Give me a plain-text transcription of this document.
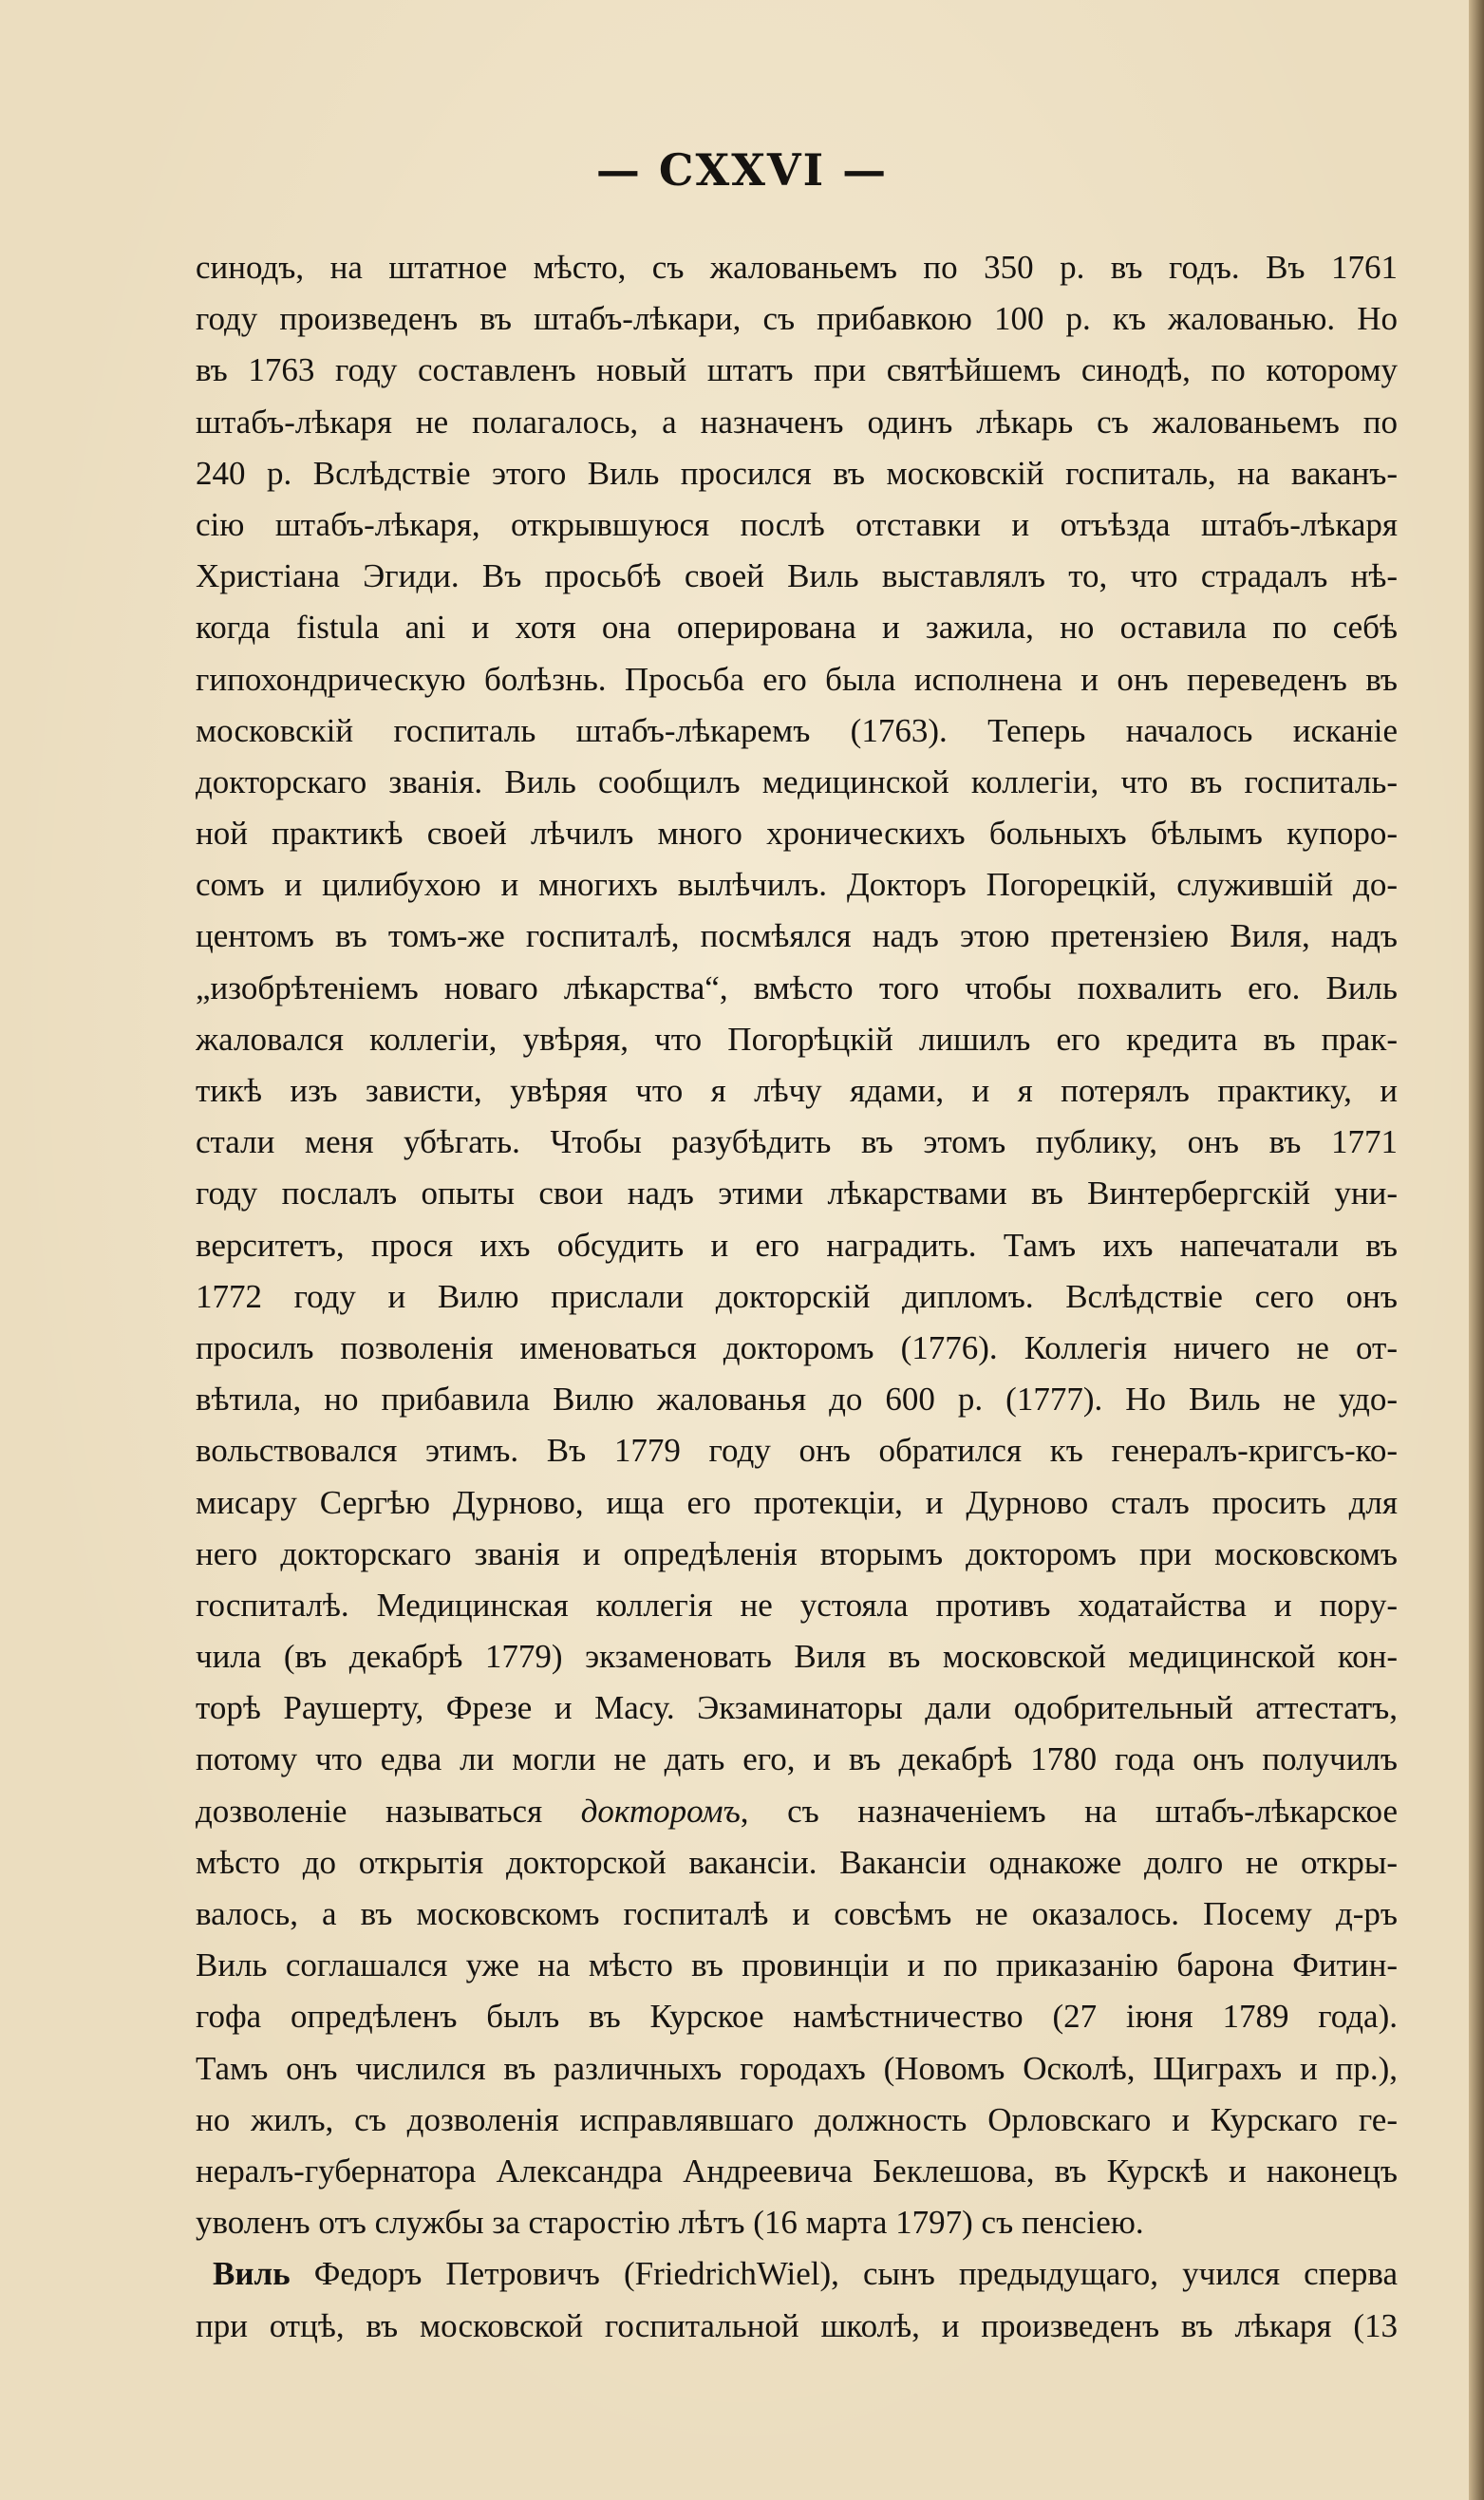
— CXXVI —
синодъ, на штатное мѣсто, съ жалованьемъ по 350 р. въ годъ. Въ 1761
году произведенъ въ штабъ-лѣкари, съ прибавкою 100 р. къ жалованью. Но
въ 1763 году составленъ новый штатъ при святѣйшемъ синодѣ, по которому
штабъ-лѣкаря не полагалось, а назначенъ одинъ лѣкарь съ жалованьемъ по
240 р. Вслѣдствіе этого Виль просился въ московскій госпиталь, на ваканъ-
сію штабъ-лѣкаря, открывшуюся послѣ отставки и отъѣзда штабъ-лѣкаря
Христіана Эгиди. Въ просьбѣ своей Виль выставлялъ то, что страдалъ нѣ-
когда fistula ani и хотя она оперирована и зажила, но оставила по себѣ
гипохондрическую болѣзнь. Просьба его была исполнена и онъ переведенъ въ
московскій госпиталь штабъ-лѣкаремъ (1763). Теперь началось исканіе
докторскаго званія. Виль сообщилъ медицинской коллегіи, что въ госпиталь-
ной практикѣ своей лѣчилъ много хроническихъ больныхъ бѣлымъ купоро-
сомъ и цилибухою и многихъ вылѣчилъ. Докторъ Погорецкій, служившій до-
центомъ въ томъ-же госпиталѣ, посмѣялся надъ этою претензіею Виля, надъ
„изобрѣтеніемъ новаго лѣкарства“, вмѣсто того чтобы похвалить его. Виль
жаловался коллегіи, увѣряя, что Погорѣцкій лишилъ его кредита въ прак-
тикѣ изъ зависти, увѣряя что я лѣчу ядами, и я потерялъ практику, и
стали меня убѣгать. Чтобы разубѣдить въ этомъ публику, онъ въ 1771
году послалъ опыты свои надъ этими лѣкарствами въ Винтербергскій уни-
верситетъ, прося ихъ обсудить и его наградить. Тамъ ихъ напечатали въ
1772 году и Вилю прислали докторскій дипломъ. Вслѣдствіе сего онъ
просилъ позволенія именоваться докторомъ (1776). Коллегія ничего не от-
вѣтила, но прибавила Вилю жалованья до 600 р. (1777). Но Виль не удо-
вольствовался этимъ. Въ 1779 году онъ обратился къ генералъ-кригсъ-ко-
мисару Сергѣю Дурново, ища его протекціи, и Дурново сталъ просить для
него докторскаго званія и опредѣленія вторымъ докторомъ при московскомъ
госпиталѣ. Медицинская коллегія не устояла противъ ходатайства и пору-
чила (въ декабрѣ 1779) экзаменовать Виля въ московской медицинской кон-
торѣ Раушерту, Фрезе и Масу. Экзаминаторы дали одобрительный аттестатъ,
потому что едва ли могли не дать его, и въ декабрѣ 1780 года онъ получилъ
дозволеніе называться докторомъ, съ назначеніемъ на штабъ-лѣкарское
мѣсто до открытія докторской вакансіи. Вакансіи однакоже долго не откры-
валось, а въ московскомъ госпиталѣ и совсѣмъ не оказалось. Посему д-ръ
Виль соглашался уже на мѣсто въ провинціи и по приказанію барона Фитин-
гофа опредѣленъ былъ въ Курское намѣстничество (27 іюня 1789 года).
Тамъ онъ числился въ различныхъ городахъ (Новомъ Осколѣ, Щиграхъ и пр.),
но жилъ, съ дозволенія исправлявшаго должность Орловскаго и Курскаго ге-
нералъ-губернатора Александра Андреевича Беклешова, въ Курскѣ и наконецъ
уволенъ отъ службы за старостію лѣтъ (16 марта 1797) съ пенсіею.
Виль Федоръ Петровичъ (FriedrichWiel), сынъ предыдущаго, учился сперва
при отцѣ, въ московской госпитальной школѣ, и произведенъ въ лѣкаря (13
